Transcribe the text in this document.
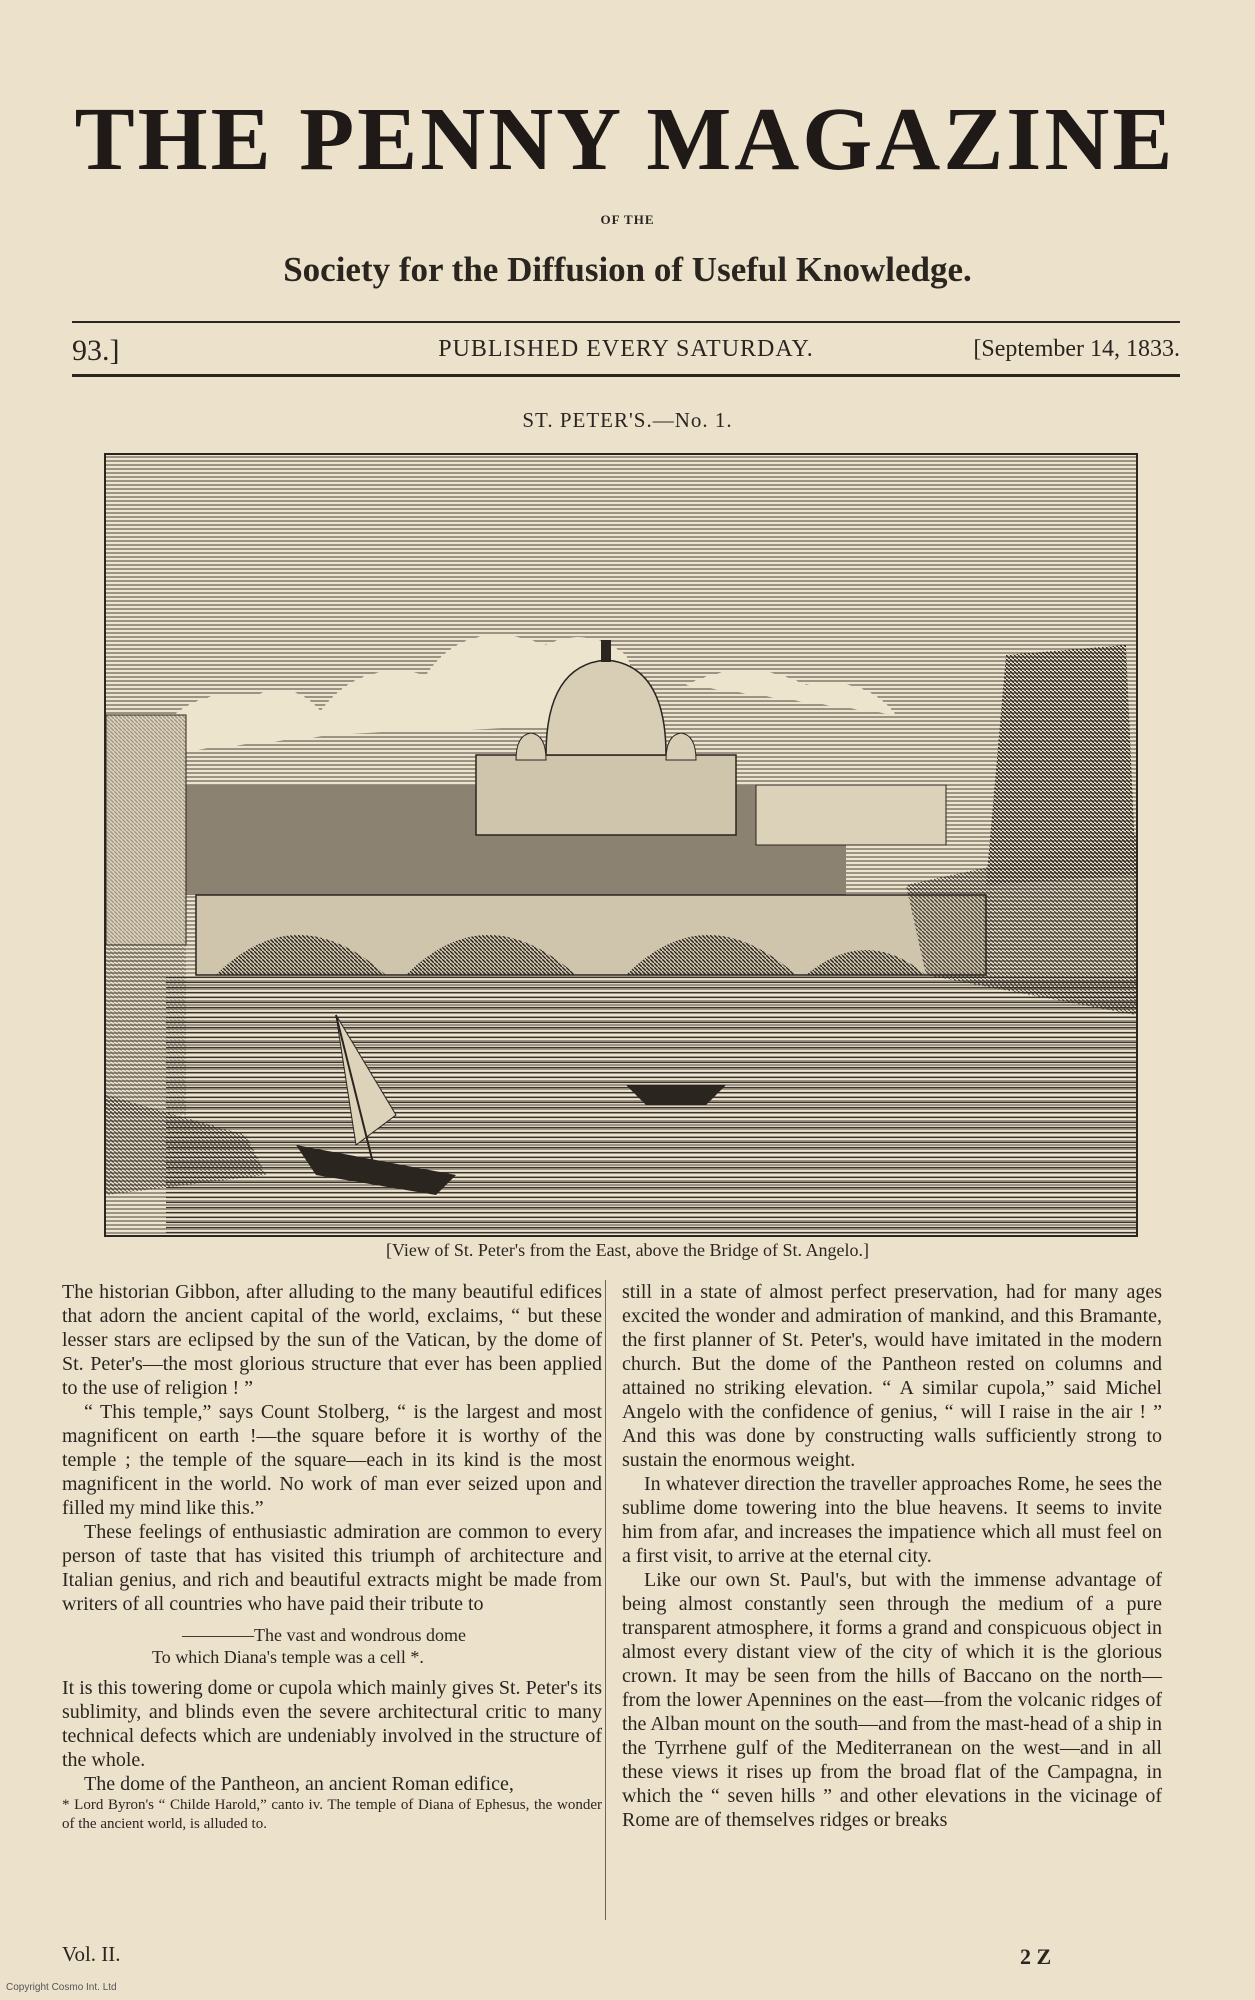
THE PENNY MAGAZINE
OF THE
Society for the Diffusion of Useful Knowledge.
PUBLISHED EVERY SATURDAY.
93.]	[September 14, 1833.
ST. PETER'S.—No. 1.
[View of St. Peter's from the East, above the Bridge of St. Angelo.]

The historian Gibbon, after alluding to the many beautiful edifices that adorn the ancient capital of the world, exclaims, “ but these lesser stars are eclipsed by the sun of the Vatican, by the dome of St. Peter's—the most glorious structure that ever has been applied to the use of religion ! ”

“ This temple,” says Count Stolberg, “ is the largest and most magnificent on earth !—the square before it is worthy of the temple ; the temple of the square—each in its kind is the most magnificent in the world. No work of man ever seized upon and filled my mind like this.”

These feelings of enthusiastic admiration are common to every person of taste that has visited this triumph of architecture and Italian genius, and rich and beautiful extracts might be made from writers of all countries who have paid their tribute to

————The vast and wondrous dome
To which Diana's temple was a cell *.

It is this towering dome or cupola which mainly gives St. Peter's its sublimity, and blinds even the severe architectural critic to many technical defects which are undeniably involved in the structure of the whole.

The dome of the Pantheon, an ancient Roman edifice,

* Lord Byron's “ Childe Harold,” canto iv. The temple of Diana of Ephesus, the wonder of the ancient world, is alluded to.

still in a state of almost perfect preservation, had for many ages excited the wonder and admiration of mankind, and this Bramante, the first planner of St. Peter's, would have imitated in the modern church. But the dome of the Pantheon rested on columns and attained no striking elevation. “ A similar cupola,” said Michel Angelo with the confidence of genius, “ will I raise in the air ! ” And this was done by constructing walls sufficiently strong to sustain the enormous weight.

In whatever direction the traveller approaches Rome, he sees the sublime dome towering into the blue heavens. It seems to invite him from afar, and increases the impatience which all must feel on a first visit, to arrive at the eternal city.

Like our own St. Paul's, but with the immense advantage of being almost constantly seen through the medium of a pure transparent atmosphere, it forms a grand and conspicuous object in almost every distant view of the city of which it is the glorious crown. It may be seen from the hills of Baccano on the north—from the lower Apennines on the east—from the volcanic ridges of the Alban mount on the south—and from the mast-head of a ship in the Tyrrhene gulf of the Mediterranean on the west—and in all these views it rises up from the broad flat of the Campagna, in which the “ seven hills ” and other elevations in the vicinage of Rome are of themselves ridges or breaks

Vol. II.	2 Z
Copyright Cosmo Int. Ltd
